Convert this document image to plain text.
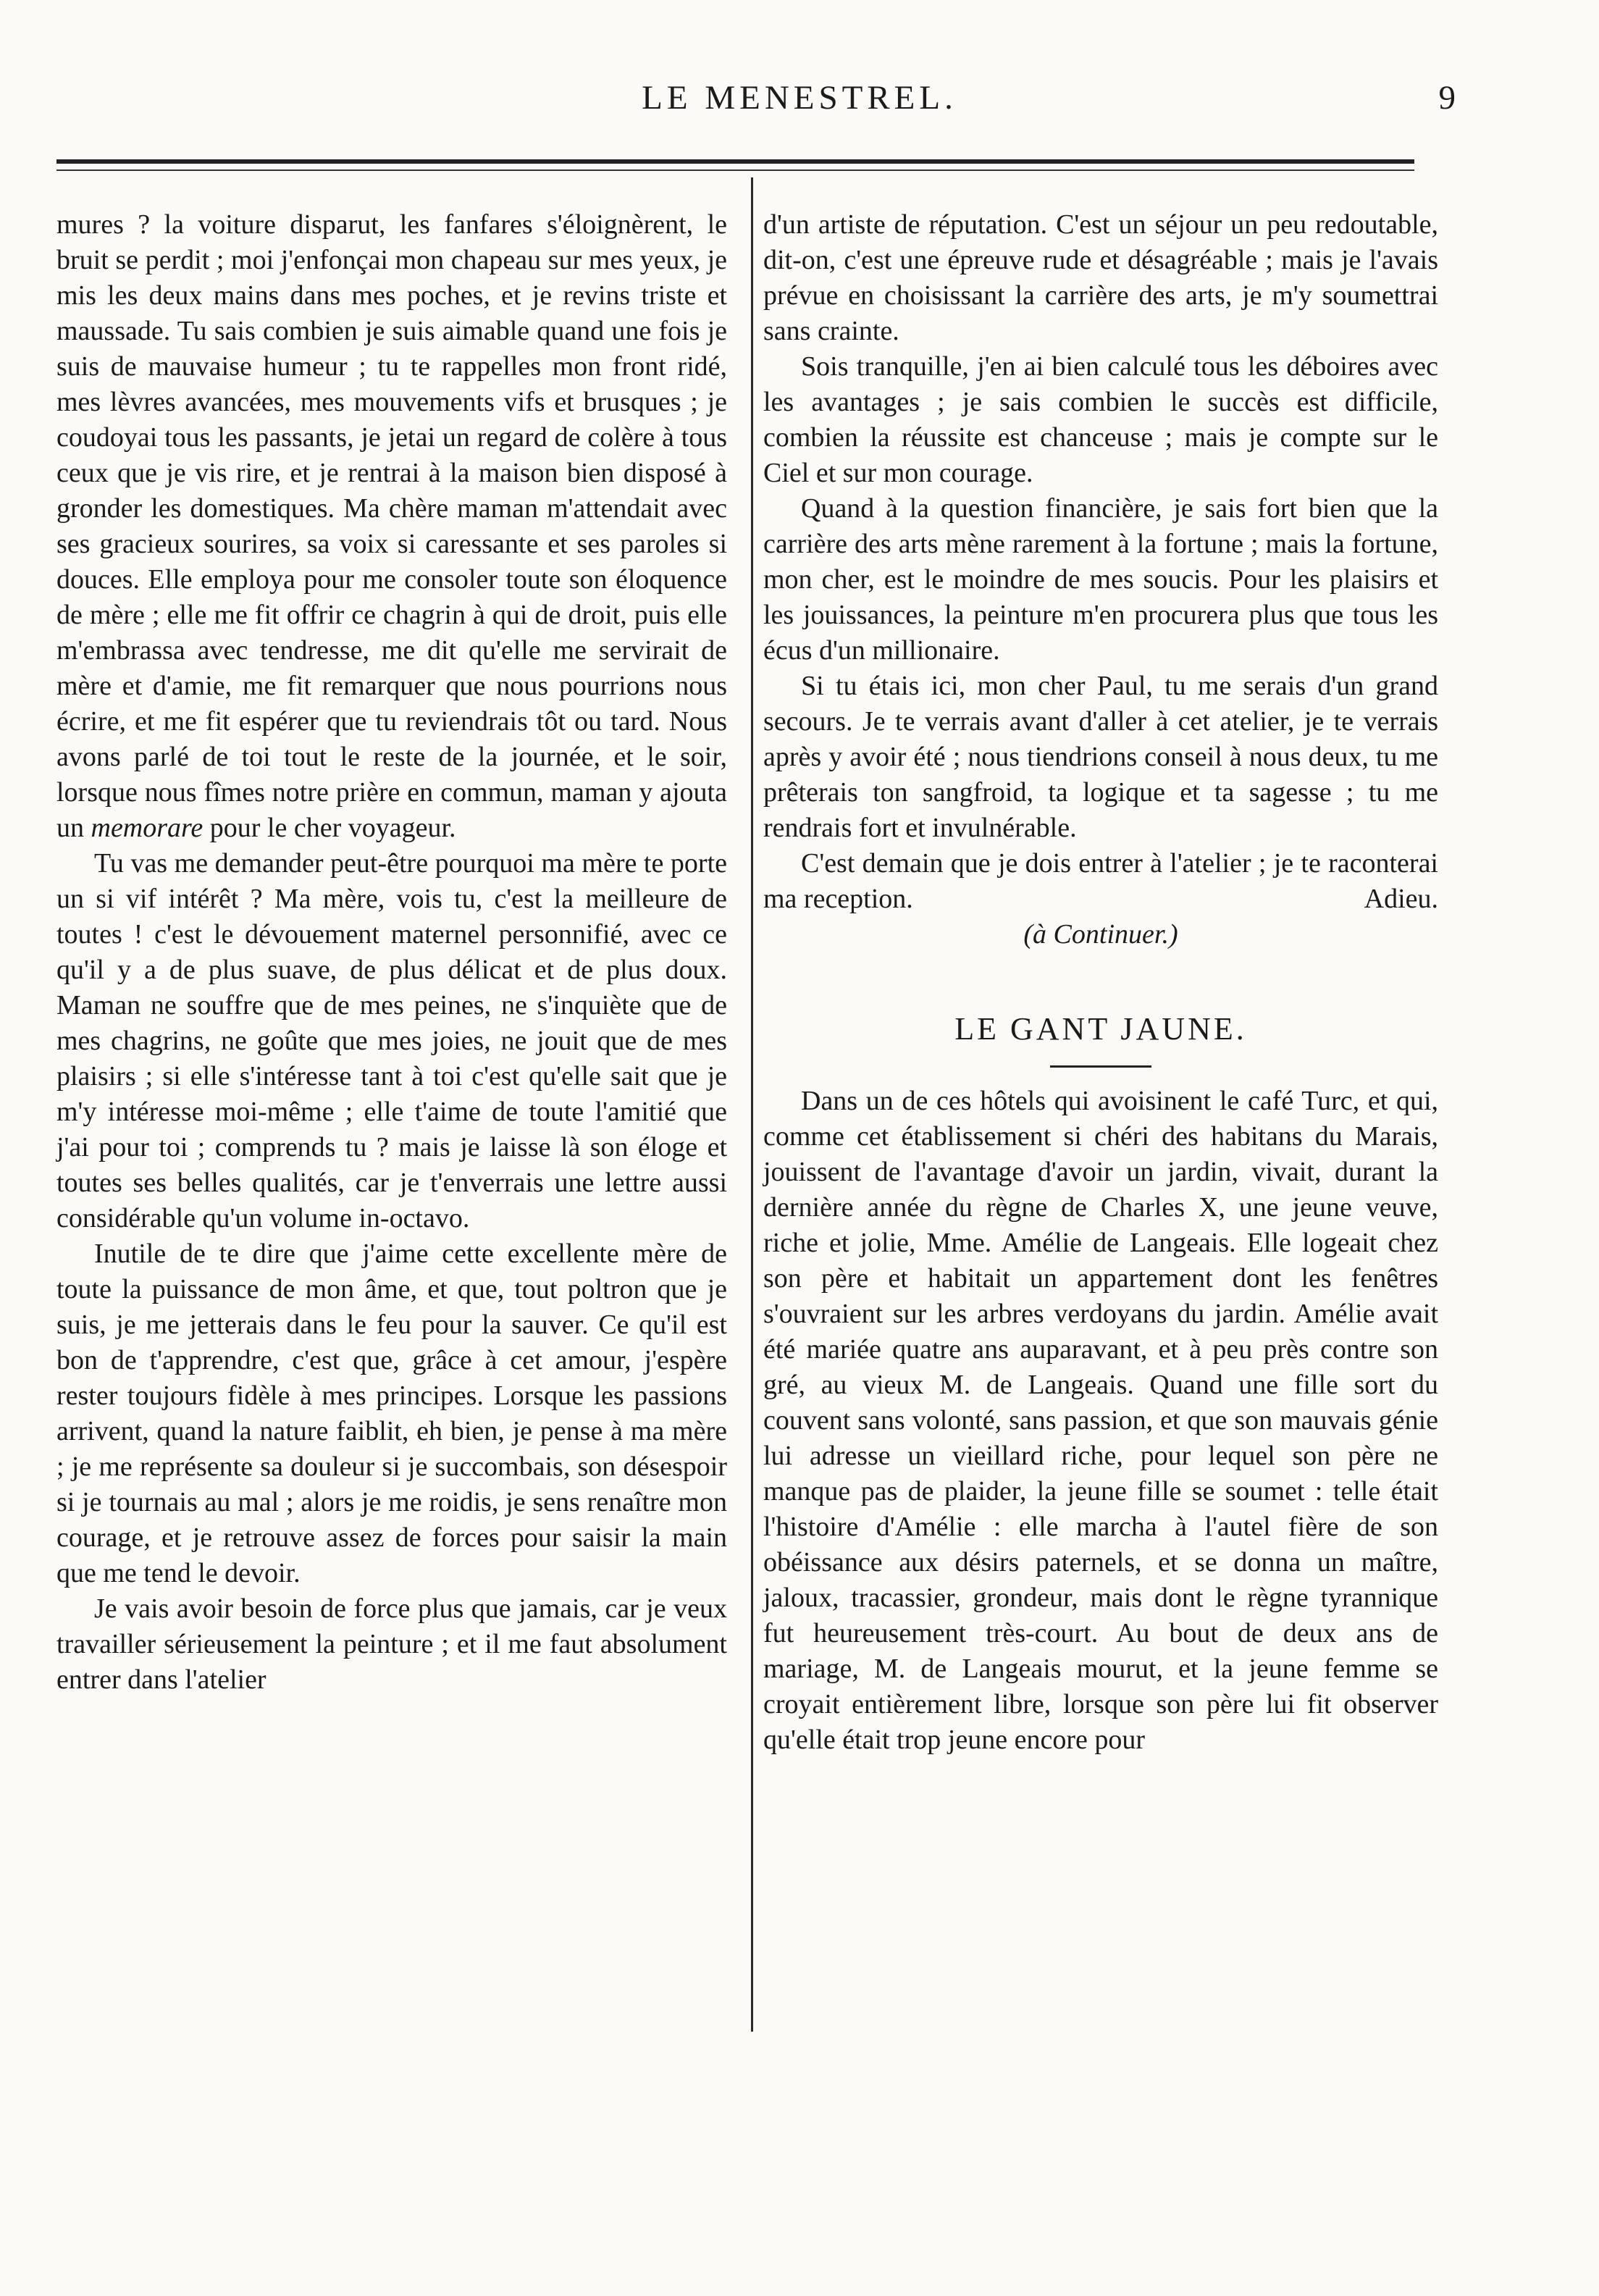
LE MENESTREL.	9

mures ? la voiture disparut, les fanfares s'éloignèrent, le bruit se perdit ; moi j'enfonçai mon chapeau sur mes yeux, je mis les deux mains dans mes poches, et je revins triste et maussade. Tu sais combien je suis aimable quand une fois je suis de mauvaise humeur ; tu te rappelles mon front ridé, mes lèvres avancées, mes mouvements vifs et brusques ; je coudoyai tous les passants, je jetai un regard de colère à tous ceux que je vis rire, et je rentrai à la maison bien disposé à gronder les domestiques. Ma chère maman m'attendait avec ses gracieux sourires, sa voix si caressante et ses paroles si douces. Elle employa pour me consoler toute son éloquence de mère ; elle me fit offrir ce chagrin à qui de droit, puis elle m'embrassa avec tendresse, me dit qu'elle me servirait de mère et d'amie, me fit remarquer que nous pourrions nous écrire, et me fit espérer que tu reviendrais tôt ou tard. Nous avons parlé de toi tout le reste de la journée, et le soir, lorsque nous fîmes notre prière en commun, maman y ajouta un memorare pour le cher voyageur.

Tu vas me demander peut-être pourquoi ma mère te porte un si vif intérêt ? Ma mère, vois tu, c'est la meilleure de toutes ! c'est le dévouement maternel personnifié, avec ce qu'il y a de plus suave, de plus délicat et de plus doux. Maman ne souffre que de mes peines, ne s'inquiète que de mes chagrins, ne goûte que mes joies, ne jouit que de mes plaisirs ; si elle s'intéresse tant à toi c'est qu'elle sait que je m'y intéresse moi-même ; elle t'aime de toute l'amitié que j'ai pour toi ; comprends tu ? mais je laisse là son éloge et toutes ses belles qualités, car je t'enverrais une lettre aussi considérable qu'un volume in-octavo.

Inutile de te dire que j'aime cette excellente mère de toute la puissance de mon âme, et que, tout poltron que je suis, je me jetterais dans le feu pour la sauver. Ce qu'il est bon de t'apprendre, c'est que, grâce à cet amour, j'espère rester toujours fidèle à mes principes. Lorsque les passions arrivent, quand la nature faiblit, eh bien, je pense à ma mère ; je me représente sa douleur si je succombais, son désespoir si je tournais au mal ; alors je me roidis, je sens renaître mon courage, et je retrouve assez de forces pour saisir la main que me tend le devoir.

Je vais avoir besoin de force plus que jamais, car je veux travailler sérieusement la peinture ; et il me faut absolument entrer dans l'atelier

d'un artiste de réputation. C'est un séjour un peu redoutable, dit-on, c'est une épreuve rude et désagréable ; mais je l'avais prévue en choisissant la carrière des arts, je m'y soumettrai sans crainte.

Sois tranquille, j'en ai bien calculé tous les déboires avec les avantages ; je sais combien le succès est difficile, combien la réussite est chanceuse ; mais je compte sur le Ciel et sur mon courage.

Quand à la question financière, je sais fort bien que la carrière des arts mène rarement à la fortune ; mais la fortune, mon cher, est le moindre de mes soucis. Pour les plaisirs et les jouissances, la peinture m'en procurera plus que tous les écus d'un millionaire.

Si tu étais ici, mon cher Paul, tu me serais d'un grand secours. Je te verrais avant d'aller à cet atelier, je te verrais après y avoir été ; nous tiendrions conseil à nous deux, tu me prêterais ton sangfroid, ta logique et ta sagesse ; tu me rendrais fort et invulnérable.

C'est demain que je dois entrer à l'atelier ; je te raconterai ma reception.	Adieu.

(à Continuer.)

LE GANT JAUNE.

Dans un de ces hôtels qui avoisinent le café Turc, et qui, comme cet établissement si chéri des habitans du Marais, jouissent de l'avantage d'avoir un jardin, vivait, durant la dernière année du règne de Charles X, une jeune veuve, riche et jolie, Mme. Amélie de Langeais. Elle logeait chez son père et habitait un appartement dont les fenêtres s'ouvraient sur les arbres verdoyans du jardin. Amélie avait été mariée quatre ans auparavant, et à peu près contre son gré, au vieux M. de Langeais. Quand une fille sort du couvent sans volonté, sans passion, et que son mauvais génie lui adresse un vieillard riche, pour lequel son père ne manque pas de plaider, la jeune fille se soumet : telle était l'histoire d'Amélie : elle marcha à l'autel fière de son obéissance aux désirs paternels, et se donna un maître, jaloux, tracassier, grondeur, mais dont le règne tyrannique fut heureusement très-court. Au bout de deux ans de mariage, M. de Langeais mourut, et la jeune femme se croyait entièrement libre, lorsque son père lui fit observer qu'elle était trop jeune encore pour
